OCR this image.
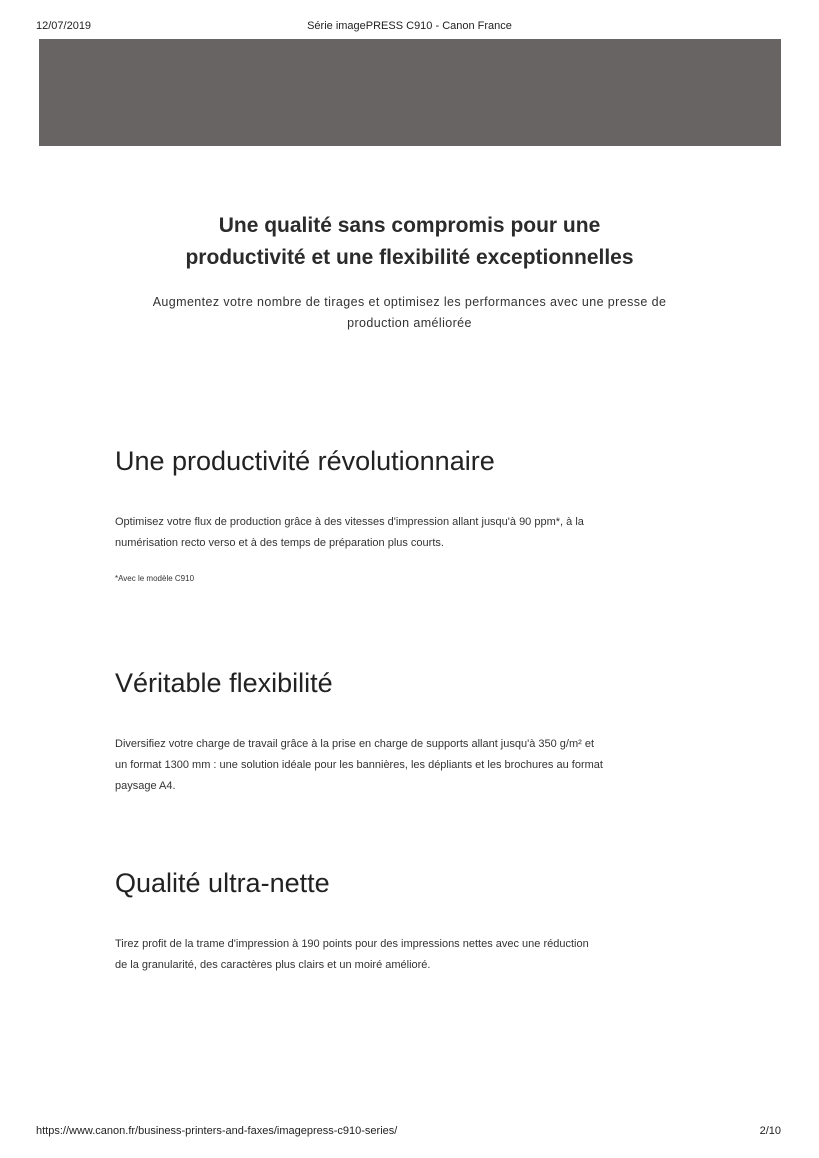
12/07/2019	Série imagePRESS C910 - Canon France
Une qualité sans compromis pour une
productivité et une flexibilité exceptionnelles

Augmentez votre nombre de tirages et optimisez les performances avec une presse de
production améliorée

Une productivité révolutionnaire

Optimisez votre flux de production grâce à des vitesses d'impression allant jusqu'à 90 ppm*, à la
numérisation recto verso et à des temps de préparation plus courts.

*Avec le modèle C910

Véritable flexibilité

Diversifiez votre charge de travail grâce à la prise en charge de supports allant jusqu'à 350 g/m² et
un format 1300 mm : une solution idéale pour les bannières, les dépliants et les brochures au format
paysage A4.

Qualité ultra-nette

Tirez profit de la trame d'impression à 190 points pour des impressions nettes avec une réduction
de la granularité, des caractères plus clairs et un moiré amélioré.

https://www.canon.fr/business-printers-and-faxes/imagepress-c910-series/	2/10
